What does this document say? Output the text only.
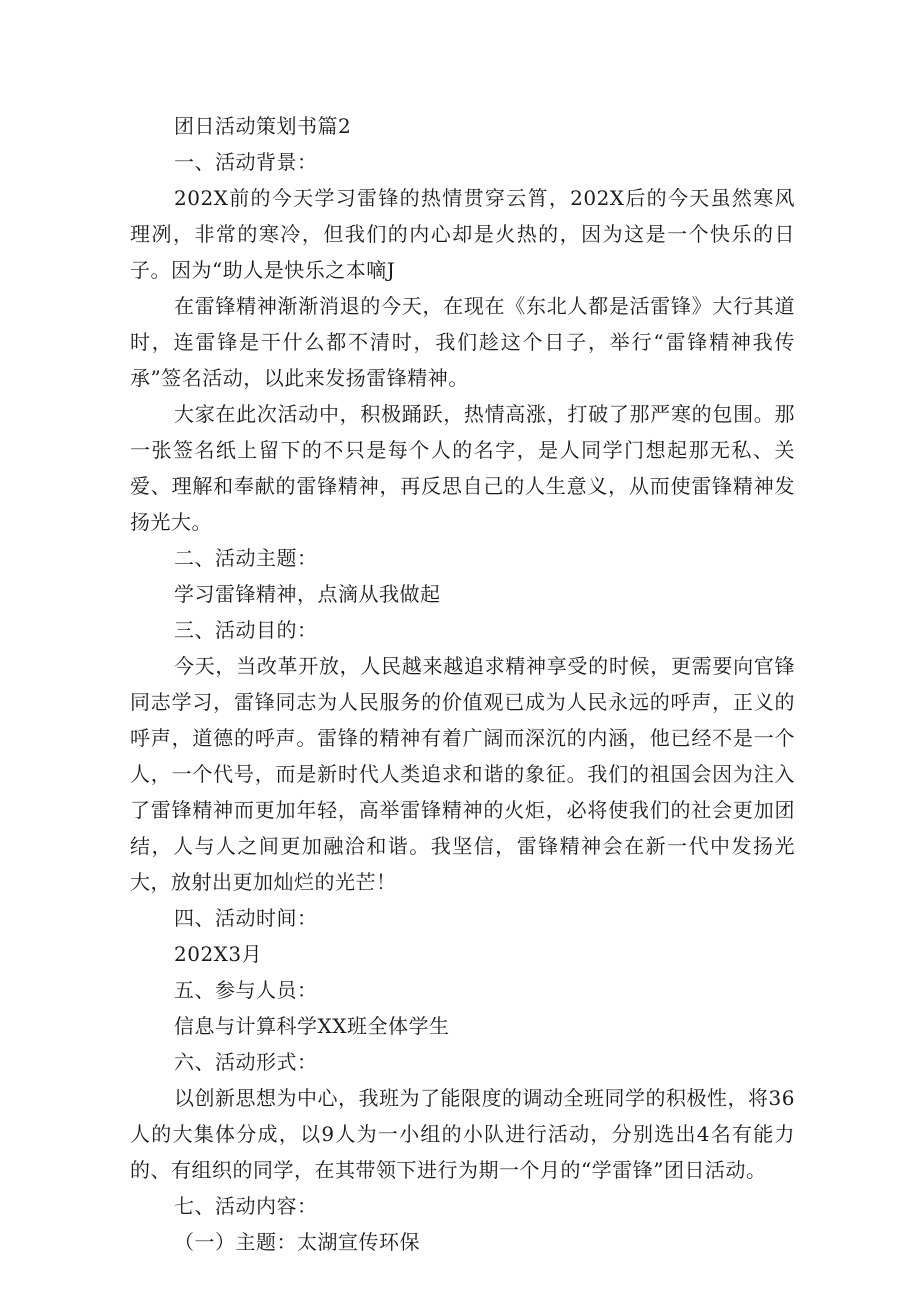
团日活动策划书篇2

一、活动背景：

202X前的今天学习雷锋的热情贯穿云筲，202X后的今天虽然寒风理冽，非常的寒冷，但我们的内心却是火热的，因为这是一个快乐的日子。因为“助人是快乐之本嘀J

在雷锋精神渐渐消退的今天，在现在《东北人都是活雷锋》大行其道时，连雷锋是干什么都不清时，我们趁这个日子，举行“雷锋精神我传承”签名活动，以此来发扬雷锋精神。

大家在此次活动中，积极踊跃，热情高涨，打破了那严寒的包围。那一张签名纸上留下的不只是每个人的名字，是人同学门想起那无私、关爱、理解和奉献的雷锋精神，再反思自己的人生意义，从而使雷锋精神发扬光大。

二、活动主题：

学习雷锋精神，点滴从我做起

三、活动目的：

今天，当改革开放，人民越来越追求精神享受的时候，更需要向官锋同志学习，雷锋同志为人民服务的价值观已成为人民永远的呼声，正义的呼声，道德的呼声。雷锋的精神有着广阔而深沉的内涵，他已经不是一个人，一个代号，而是新时代人类追求和谐的象征。我们的祖国会因为注入了雷锋精神而更加年轻，高举雷锋精神的火炬，必将使我们的社会更加团结，人与人之间更加融洽和谐。我坚信，雷锋精神会在新一代中发扬光大，放射出更加灿烂的光芒！

四、活动时间：

202X3月

五、参与人员：

信息与计算科学XX班全体学生

六、活动形式：

以创新思想为中心，我班为了能限度的调动全班同学的积极性，将36人的大集体分成，以9人为一小组的小队进行活动，分别选出4名有能力的、有组织的同学，在其带领下进行为期一个月的“学雷锋”团日活动。

七、活动内容：

（一）主题：太湖宣传环保
